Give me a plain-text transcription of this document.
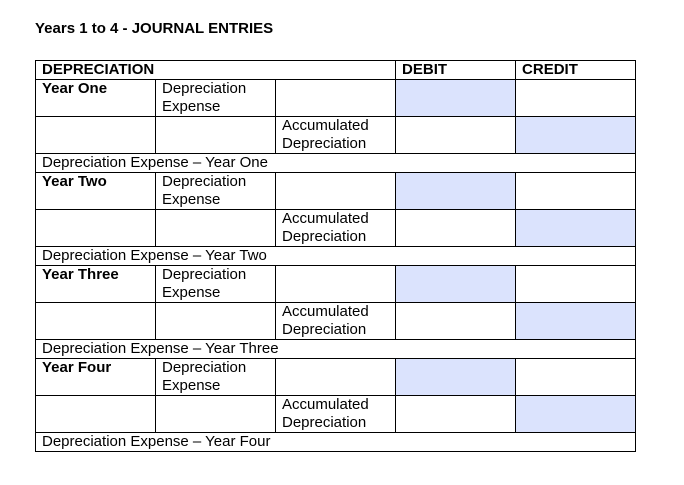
Years 1 to 4 - JOURNAL ENTRIES
DEPRECIATION			DEBIT	CREDIT
Year One	Depreciation Expense			
		Accumulated Depreciation		
Depreciation Expense – Year One				
Year Two	Depreciation Expense			
		Accumulated Depreciation		
Depreciation Expense – Year Two				
Year Three	Depreciation Expense			
		Accumulated Depreciation		
Depreciation Expense – Year Three				
Year Four	Depreciation Expense			
		Accumulated Depreciation		
Depreciation Expense – Year Four				
